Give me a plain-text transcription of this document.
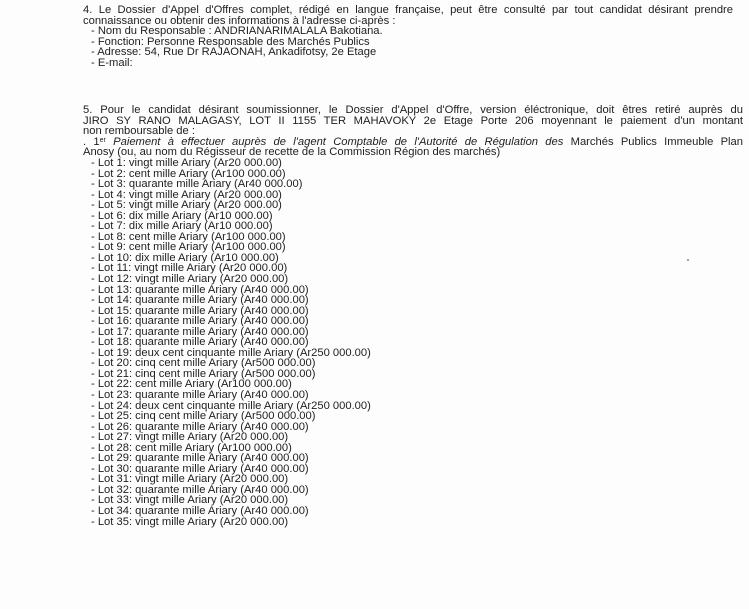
4. Le Dossier d'Appel d'Offres complet, rédigé en langue française, peut être consulté par tout candidat désirant prendre
connaissance ou obtenir des informations à l'adresse ci-après :
- Nom du Responsable : ANDRIANARIMALALA Bakotiana.
- Fonction: Personne Responsable des Marchés Publics
- Adresse: 54, Rue Dr RAJAONAH, Ankadifotsy, 2e Etage
- E-mail:
5. Pour le candidat désirant soumissionner, le Dossier d'Appel d'Offre, version éléctronique, doit êtres retiré auprès du
JIRO SY RANO MALAGASY, LOT II 1155 TER MAHAVOKY 2e Etage Porte 206 moyennant le paiement d'un montant
non remboursable de :
. 1er Paiement à effectuer auprès de l'agent Comptable de l'Autorité de Régulation des Marchés Publics Immeuble Plan
Anosy (ou, au nom du Régisseur de recette de la Commission Région des marchés)
- Lot 1: vingt mille Ariary (Ar20 000.00)
- Lot 2: cent mille Ariary (Ar100 000.00)
- Lot 3: quarante mille Ariary (Ar40 000.00)
- Lot 4: vingt mille Ariary (Ar20 000.00)
- Lot 5: vingt mille Ariary (Ar20 000.00)
- Lot 6: dix mille Ariary (Ar10 000.00)
- Lot 7: dix mille Ariary (Ar10 000.00)
- Lot 8: cent mille Ariary (Ar100 000.00)
- Lot 9: cent mille Ariary (Ar100 000.00)
- Lot 10: dix mille Ariary (Ar10 000.00)
- Lot 11: vingt mille Ariary (Ar20 000.00)
- Lot 12: vingt mille Ariary (Ar20 000.00)
- Lot 13: quarante mille Ariary (Ar40 000.00)
- Lot 14: quarante mille Ariary (Ar40 000.00)
- Lot 15: quarante mille Ariary (Ar40 000.00)
- Lot 16: quarante mille Ariary (Ar40 000.00)
- Lot 17: quarante mille Ariary (Ar40 000.00)
- Lot 18: quarante mille Ariary (Ar40 000.00)
- Lot 19: deux cent cinquante mille Ariary (Ar250 000.00)
- Lot 20: cinq cent mille Ariary (Ar500 000.00)
- Lot 21: cinq cent mille Ariary (Ar500 000.00)
- Lot 22: cent mille Ariary (Ar100 000.00)
- Lot 23: quarante mille Ariary (Ar40 000.00)
- Lot 24: deux cent cinquante mille Ariary (Ar250 000.00)
- Lot 25: cinq cent mille Ariary (Ar500 000.00)
- Lot 26: quarante mille Ariary (Ar40 000.00)
- Lot 27: vingt mille Ariary (Ar20 000.00)
- Lot 28: cent mille Ariary (Ar100 000.00)
- Lot 29: quarante mille Ariary (Ar40 000.00)
- Lot 30: quarante mille Ariary (Ar40 000.00)
- Lot 31: vingt mille Ariary (Ar20 000.00)
- Lot 32: quarante mille Ariary (Ar40 000.00)
- Lot 33: vingt mille Ariary (Ar20 000.00)
- Lot 34: quarante mille Ariary (Ar40 000.00)
- Lot 35: vingt mille Ariary (Ar20 000.00)
